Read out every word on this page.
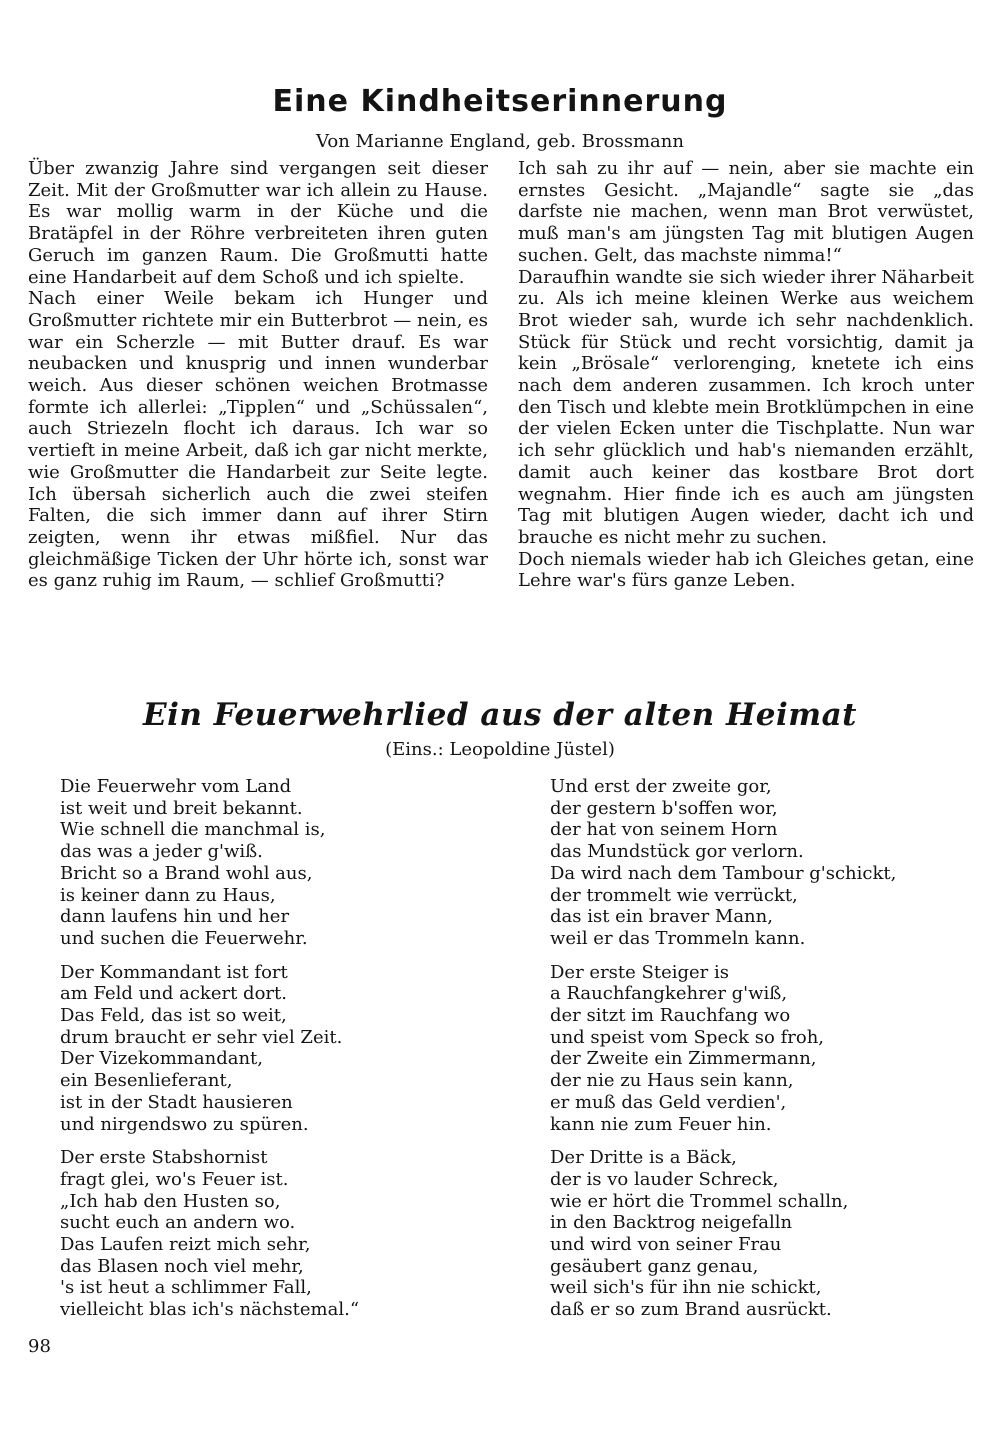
Eine Kindheitserinnerung
Von Marianne England, geb. Brossmann

Über zwanzig Jahre sind vergangen seit dieser Zeit. Mit der Großmutter war ich allein zu Hause. Es war mollig warm in der Küche und die Bratäpfel in der Röhre verbreiteten ihren guten Geruch im ganzen Raum. Die Großmutti hatte eine Handarbeit auf dem Schoß und ich spielte.

Nach einer Weile bekam ich Hunger und Großmutter richtete mir ein Butterbrot — nein, es war ein Scherzle — mit Butter drauf. Es war neubacken und knusprig und innen wunderbar weich. Aus dieser schönen weichen Brotmasse formte ich allerlei: „Tipplen“ und „Schüssalen“, auch Striezeln flocht ich daraus. Ich war so vertieft in meine Arbeit, daß ich gar nicht merkte, wie Großmutter die Handarbeit zur Seite legte. Ich übersah sicherlich auch die zwei steifen Falten, die sich immer dann auf ihrer Stirn zeigten, wenn ihr etwas mißfiel. Nur das gleichmäßige Ticken der Uhr hörte ich, sonst war es ganz ruhig im Raum, — schlief Großmutti?

Ich sah zu ihr auf — nein, aber sie machte ein ernstes Gesicht. „Majandle“ sagte sie „das darfste nie machen, wenn man Brot verwüstet, muß man's am jüngsten Tag mit blutigen Augen suchen. Gelt, das machste nimma!“

Daraufhin wandte sie sich wieder ihrer Näharbeit zu. Als ich meine kleinen Werke aus weichem Brot wieder sah, wurde ich sehr nachdenklich. Stück für Stück und recht vorsichtig, damit ja kein „Brösale“ verlorenging, knetete ich eins nach dem anderen zusammen. Ich kroch unter den Tisch und klebte mein Brotklümpchen in eine der vielen Ecken unter die Tischplatte. Nun war ich sehr glücklich und hab's niemanden erzählt, damit auch keiner das kostbare Brot dort wegnahm. Hier finde ich es auch am jüngsten Tag mit blutigen Augen wieder, dacht ich und brauche es nicht mehr zu suchen.

Doch niemals wieder hab ich Gleiches getan, eine Lehre war's fürs ganze Leben.

Ein Feuerwehrlied aus der alten Heimat
(Eins.: Leopoldine Jüstel)
Die Feuerwehr vom Land
ist weit und breit bekannt.
Wie schnell die manchmal is,
das was a jeder g'wiß.
Bricht so a Brand wohl aus,
is keiner dann zu Haus,
dann laufens hin und her
und suchen die Feuerwehr.
Der Kommandant ist fort
am Feld und ackert dort.
Das Feld, das ist so weit,
drum braucht er sehr viel Zeit.
Der Vizekommandant,
ein Besenlieferant,
ist in der Stadt hausieren
und nirgendswo zu spüren.
Der erste Stabshornist
fragt glei, wo's Feuer ist.
„Ich hab den Husten so,
sucht euch an andern wo.
Das Laufen reizt mich sehr,
das Blasen noch viel mehr,
's ist heut a schlimmer Fall,
vielleicht blas ich's nächstemal.“
Und erst der zweite gor,
der gestern b'soffen wor,
der hat von seinem Horn
das Mundstück gor verlorn.
Da wird nach dem Tambour g'schickt,
der trommelt wie verrückt,
das ist ein braver Mann,
weil er das Trommeln kann.
Der erste Steiger is
a Rauchfangkehrer g'wiß,
der sitzt im Rauchfang wo
und speist vom Speck so froh,
der Zweite ein Zimmermann,
der nie zu Haus sein kann,
er muß das Geld verdien',
kann nie zum Feuer hin.
Der Dritte is a Bäck,
der is vo lauder Schreck,
wie er hört die Trommel schalln,
in den Backtrog neigefalln
und wird von seiner Frau
gesäubert ganz genau,
weil sich's für ihn nie schickt,
daß er so zum Brand ausrückt.
98
